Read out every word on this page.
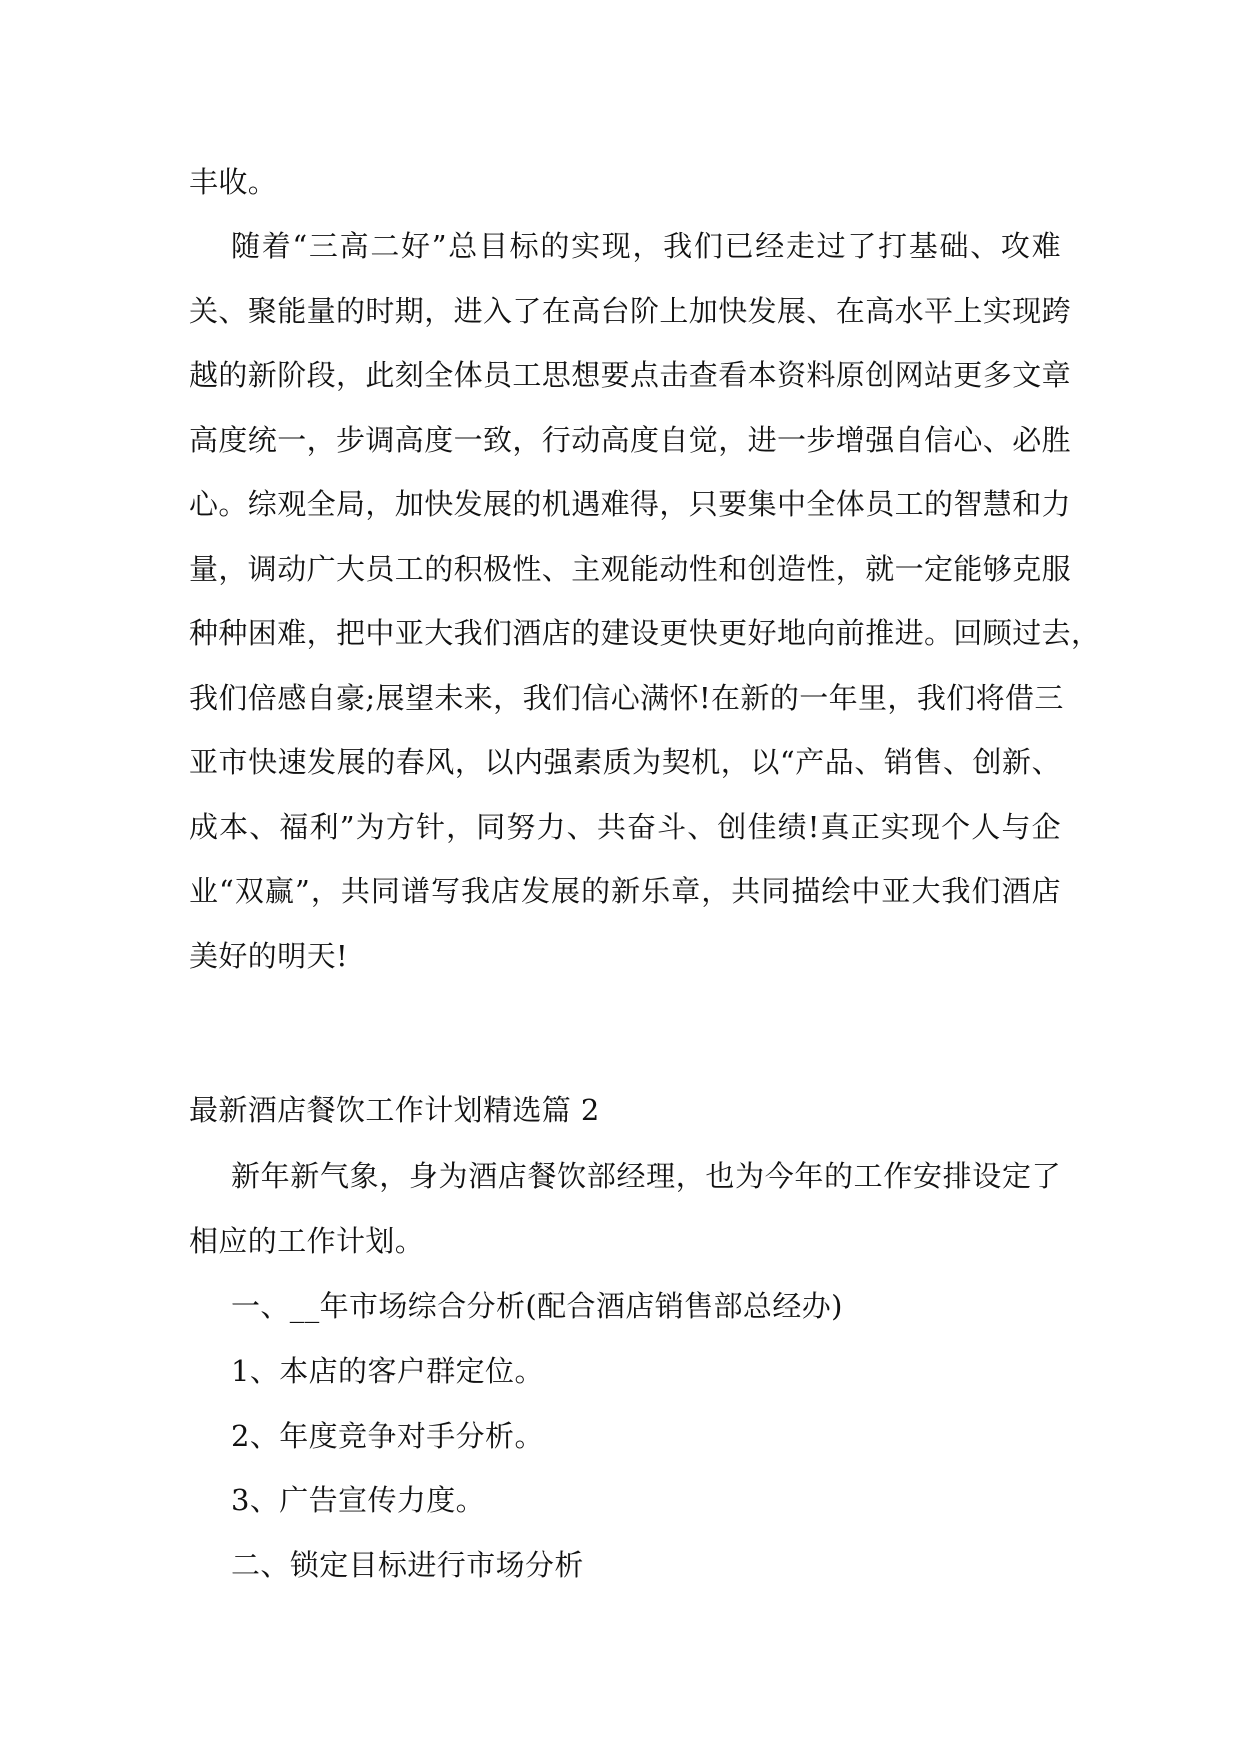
丰收。

随着“三高二好”总目标的实现，我们已经走过了打基础、攻难
关、聚能量的时期，进入了在高台阶上加快发展、在高水平上实现跨
越的新阶段，此刻全体员工思想要点击查看本资料原创网站更多文章
高度统一，步调高度一致，行动高度自觉，进一步增强自信心、必胜
心。综观全局，加快发展的机遇难得，只要集中全体员工的智慧和力
量，调动广大员工的积极性、主观能动性和创造性，就一定能够克服
种种困难，把中亚大我们酒店的建设更快更好地向前推进。回顾过去，
我们倍感自豪;展望未来，我们信心满怀!在新的一年里，我们将借三
亚市快速发展的春风，以内强素质为契机，以“产品、销售、创新、
成本、福利”为方针，同努力、共奋斗、创佳绩!真正实现个人与企
业“双赢”，共同谱写我店发展的新乐章，共同描绘中亚大我们酒店
美好的明天!

最新酒店餐饮工作计划精选篇 2

新年新气象，身为酒店餐饮部经理，也为今年的工作安排设定了
相应的工作计划。

一、__年市场综合分析(配合酒店销售部总经办)

1、本店的客户群定位。

2、年度竞争对手分析。

3、广告宣传力度。

二、锁定目标进行市场分析
